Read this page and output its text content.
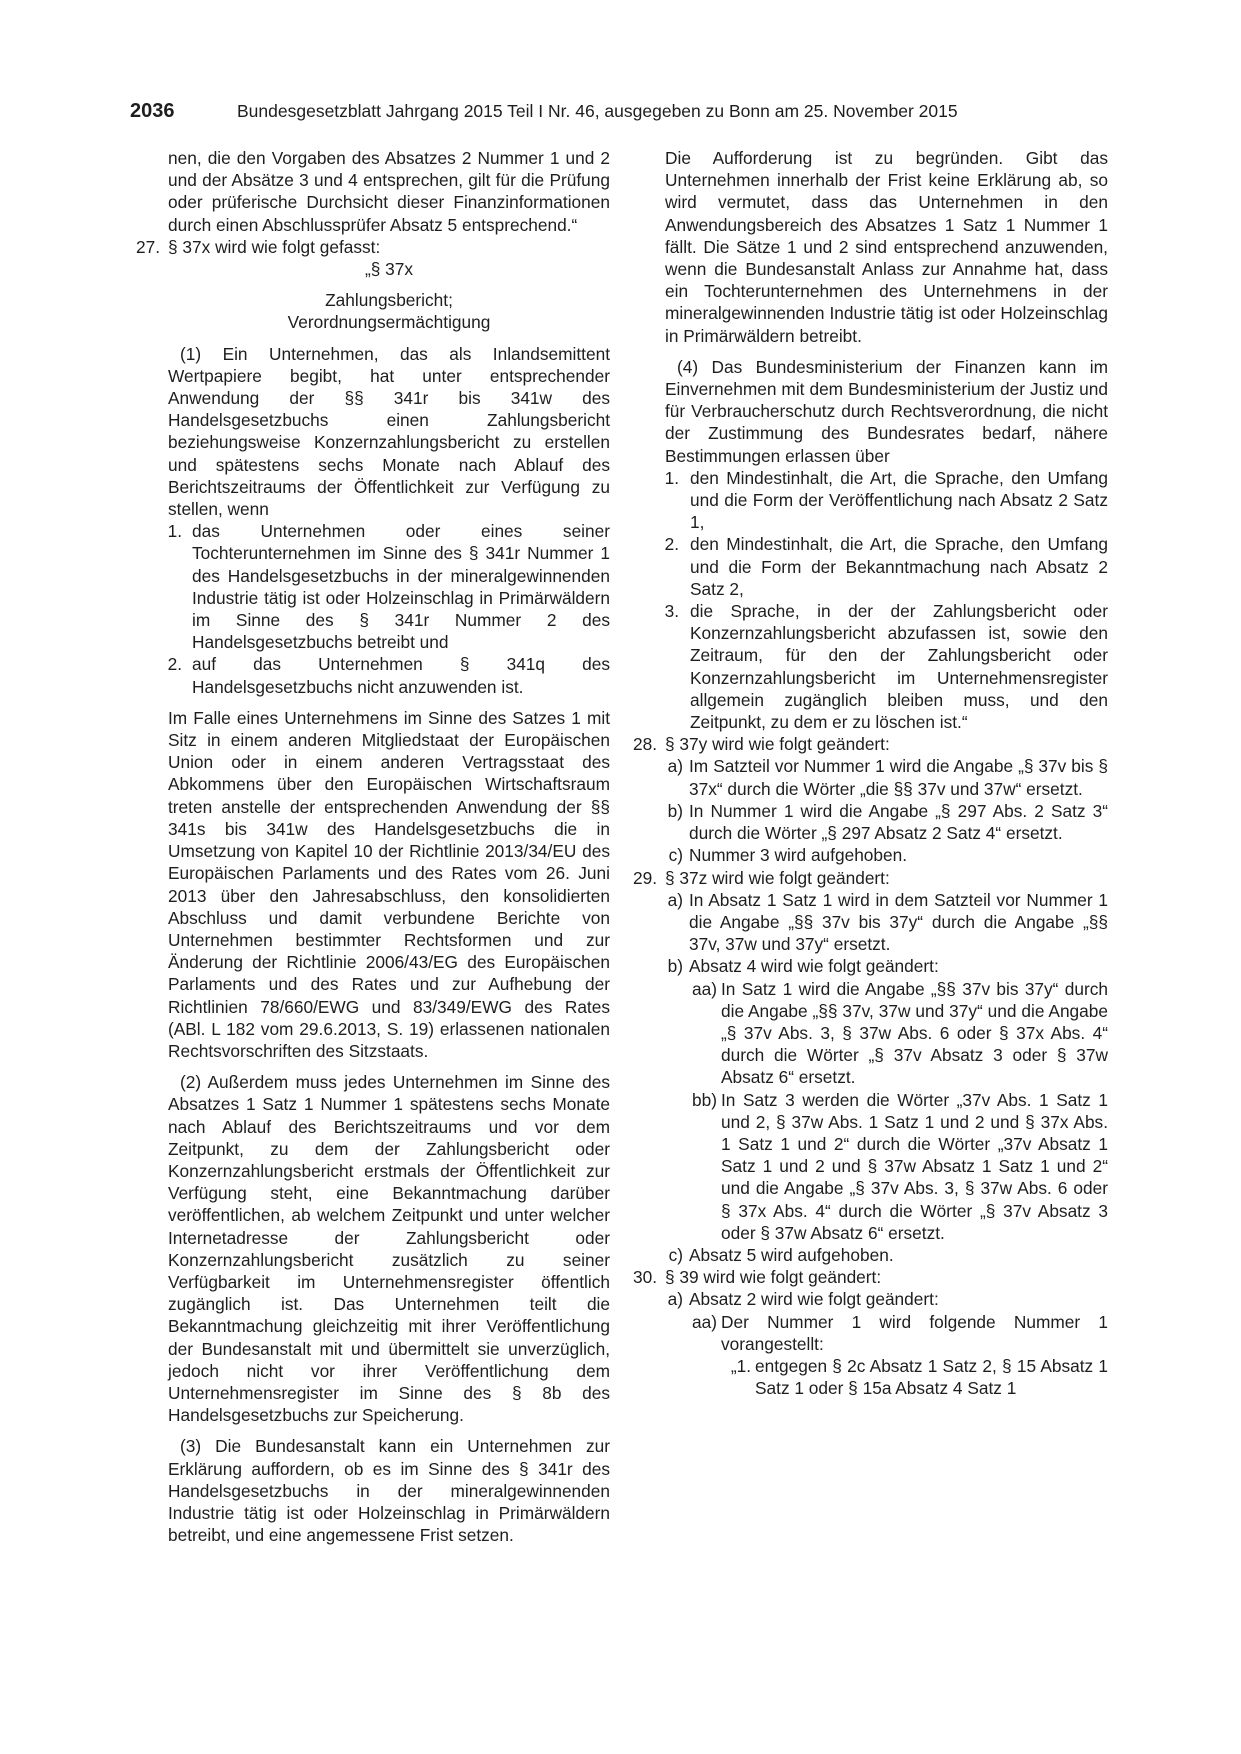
2036	Bundesgesetzblatt Jahrgang 2015 Teil I Nr. 46, ausgegeben zu Bonn am 25. November 2015

nen, die den Vorgaben des Absatzes 2 Nummer 1 und 2 und der Absätze 3 und 4 entsprechen, gilt für die Prüfung oder prüferische Durchsicht dieser Finanzinformationen durch einen Abschlussprüfer Absatz 5 entsprechend.“

27. § 37x wird wie folgt gefasst:

„§ 37x

Zahlungsbericht;

Verordnungsermächtigung

(1) Ein Unternehmen, das als Inlandsemittent Wertpapiere begibt, hat unter entsprechender Anwendung der §§ 341r bis 341w des Handelsgesetzbuchs einen Zahlungsbericht beziehungsweise Konzernzahlungsbericht zu erstellen und spätestens sechs Monate nach Ablauf des Berichtszeitraums der Öffentlichkeit zur Verfügung zu stellen, wenn

1. das Unternehmen oder eines seiner Tochterunternehmen im Sinne des § 341r Nummer 1 des Handelsgesetzbuchs in der mineralgewinnenden Industrie tätig ist oder Holzeinschlag in Primärwäldern im Sinne des § 341r Nummer 2 des Handelsgesetzbuchs betreibt und
2. auf das Unternehmen § 341q des Handelsgesetzbuchs nicht anzuwenden ist.

Im Falle eines Unternehmens im Sinne des Satzes 1 mit Sitz in einem anderen Mitgliedstaat der Europäischen Union oder in einem anderen Vertragsstaat des Abkommens über den Europäischen Wirtschaftsraum treten anstelle der entsprechenden Anwendung der §§ 341s bis 341w des Handelsgesetzbuchs die in Umsetzung von Kapitel 10 der Richtlinie 2013/34/EU des Europäischen Parlaments und des Rates vom 26. Juni 2013 über den Jahresabschluss, den konsolidierten Abschluss und damit verbundene Berichte von Unternehmen bestimmter Rechtsformen und zur Änderung der Richtlinie 2006/43/EG des Europäischen Parlaments und des Rates und zur Aufhebung der Richtlinien 78/660/EWG und 83/349/EWG des Rates (ABl. L 182 vom 29.6.2013, S. 19) erlassenen nationalen Rechtsvorschriften des Sitzstaats.

(2) Außerdem muss jedes Unternehmen im Sinne des Absatzes 1 Satz 1 Nummer 1 spätestens sechs Monate nach Ablauf des Berichtszeitraums und vor dem Zeitpunkt, zu dem der Zahlungsbericht oder Konzernzahlungsbericht erstmals der Öffentlichkeit zur Verfügung steht, eine Bekanntmachung darüber veröffentlichen, ab welchem Zeitpunkt und unter welcher Internetadresse der Zahlungsbericht oder Konzernzahlungsbericht zusätzlich zu seiner Verfügbarkeit im Unternehmensregister öffentlich zugänglich ist. Das Unternehmen teilt die Bekanntmachung gleichzeitig mit ihrer Veröffentlichung der Bundesanstalt mit und übermittelt sie unverzüglich, jedoch nicht vor ihrer Veröffentlichung dem Unternehmensregister im Sinne des § 8b des Handelsgesetzbuchs zur Speicherung.

(3) Die Bundesanstalt kann ein Unternehmen zur Erklärung auffordern, ob es im Sinne des § 341r des Handelsgesetzbuchs in der mineralgewinnenden Industrie tätig ist oder Holzeinschlag in Primärwäldern betreibt, und eine angemessene Frist setzen.

Die Aufforderung ist zu begründen. Gibt das Unternehmen innerhalb der Frist keine Erklärung ab, so wird vermutet, dass das Unternehmen in den Anwendungsbereich des Absatzes 1 Satz 1 Nummer 1 fällt. Die Sätze 1 und 2 sind entsprechend anzuwenden, wenn die Bundesanstalt Anlass zur Annahme hat, dass ein Tochterunternehmen des Unternehmens in der mineralgewinnenden Industrie tätig ist oder Holzeinschlag in Primärwäldern betreibt.

(4) Das Bundesministerium der Finanzen kann im Einvernehmen mit dem Bundesministerium der Justiz und für Verbraucherschutz durch Rechtsverordnung, die nicht der Zustimmung des Bundesrates bedarf, nähere Bestimmungen erlassen über

1. den Mindestinhalt, die Art, die Sprache, den Umfang und die Form der Veröffentlichung nach Absatz 2 Satz 1,
2. den Mindestinhalt, die Art, die Sprache, den Umfang und die Form der Bekanntmachung nach Absatz 2 Satz 2,
3. die Sprache, in der der Zahlungsbericht oder Konzernzahlungsbericht abzufassen ist, sowie den Zeitraum, für den der Zahlungsbericht oder Konzernzahlungsbericht im Unternehmensregister allgemein zugänglich bleiben muss, und den Zeitpunkt, zu dem er zu löschen ist.“
28. § 37y wird wie folgt geändert:
a) Im Satzteil vor Nummer 1 wird die Angabe „§ 37v bis § 37x“ durch die Wörter „die §§ 37v und 37w“ ersetzt.
b) In Nummer 1 wird die Angabe „§ 297 Abs. 2 Satz 3“ durch die Wörter „§ 297 Absatz 2 Satz 4“ ersetzt.
c) Nummer 3 wird aufgehoben.
29. § 37z wird wie folgt geändert:
a) In Absatz 1 Satz 1 wird in dem Satzteil vor Nummer 1 die Angabe „§§ 37v bis 37y“ durch die Angabe „§§ 37v, 37w und 37y“ ersetzt.
b) Absatz 4 wird wie folgt geändert:
aa) In Satz 1 wird die Angabe „§§ 37v bis 37y“ durch die Angabe „§§ 37v, 37w und 37y“ und die Angabe „§ 37v Abs. 3, § 37w Abs. 6 oder § 37x Abs. 4“ durch die Wörter „§ 37v Absatz 3 oder § 37w Absatz 6“ ersetzt.
bb) In Satz 3 werden die Wörter „37v Abs. 1 Satz 1 und 2, § 37w Abs. 1 Satz 1 und 2 und § 37x Abs. 1 Satz 1 und 2“ durch die Wörter „37v Absatz 1 Satz 1 und 2 und § 37w Absatz 1 Satz 1 und 2“ und die Angabe „§ 37v Abs. 3, § 37w Abs. 6 oder § 37x Abs. 4“ durch die Wörter „§ 37v Absatz 3 oder § 37w Absatz 6“ ersetzt.
c) Absatz 5 wird aufgehoben.
30. § 39 wird wie folgt geändert:
a) Absatz 2 wird wie folgt geändert:
aa) Der Nummer 1 wird folgende Nummer 1 vorangestellt:
„1. entgegen § 2c Absatz 1 Satz 2, § 15 Absatz 1 Satz 1 oder § 15a Absatz 4 Satz 1
